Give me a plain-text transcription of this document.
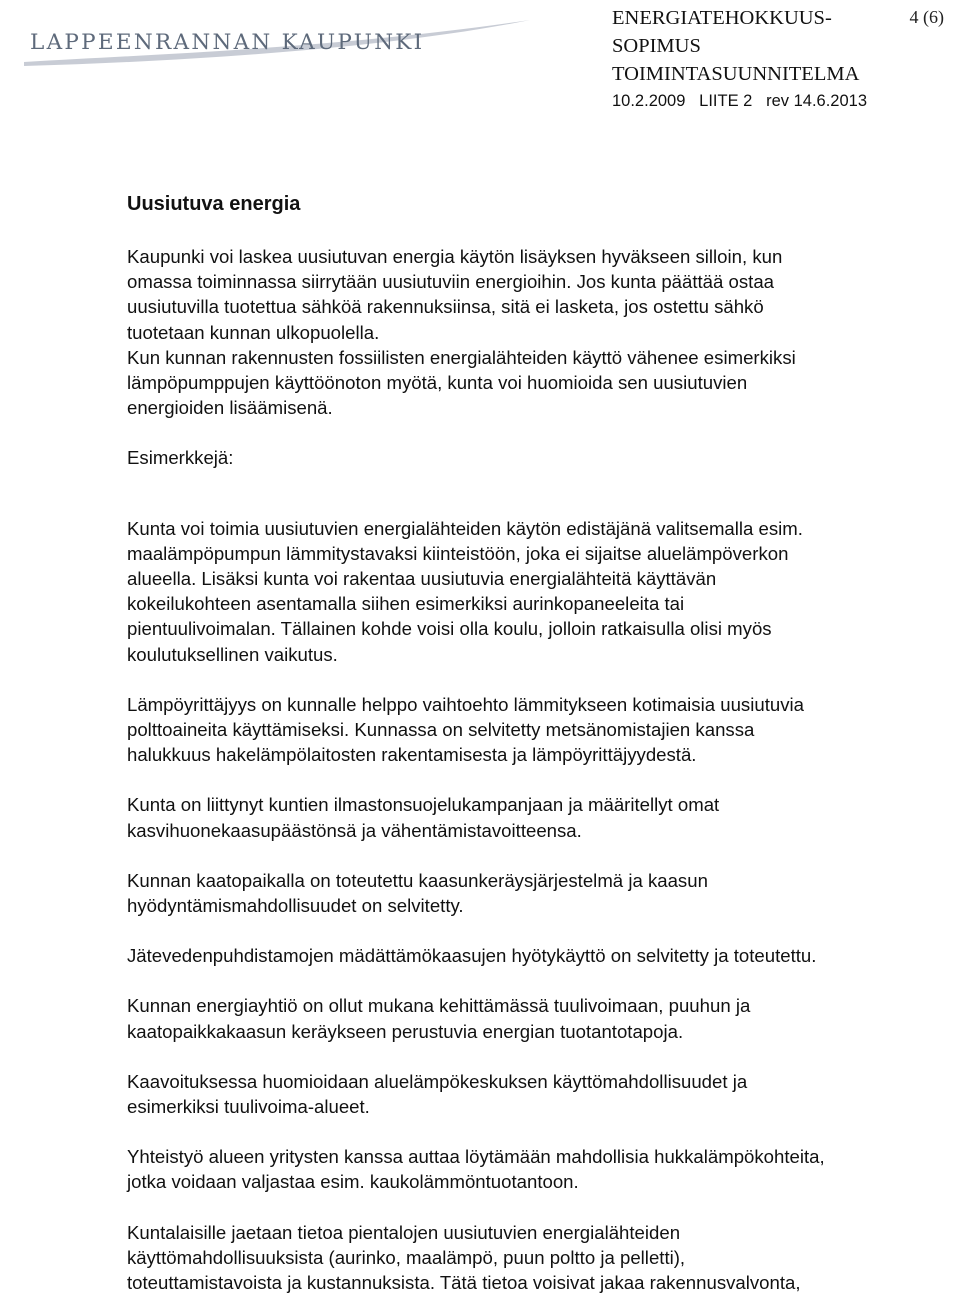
LAPPEENRANNAN KAUPUNKI
ENERGIATEHOKKUUS-
SOPIMUS
TOIMINTASUUNNITELMA
4 (6)
10.2.2009   LIITE 2   rev 14.6.2013
Uusiutuva energia

Kaupunki voi laskea uusiutuvan energia käytön lisäyksen hyväkseen silloin, kun
omassa toiminnassa siirrytään uusiutuviin energioihin. Jos kunta päättää ostaa
uusiutuvilla tuotettua sähköä rakennuksiinsa, sitä ei lasketa, jos ostettu sähkö
tuotetaan kunnan ulkopuolella.

Kun kunnan rakennusten fossiilisten energialähteiden käyttö vähenee esimerkiksi
lämpöpumppujen käyttöönoton myötä, kunta voi huomioida sen uusiutuvien
energioiden lisäämisenä.

Esimerkkejä:

Kunta voi toimia uusiutuvien energialähteiden käytön edistäjänä valitsemalla esim.
maalämpöpumpun lämmitystavaksi kiinteistöön, joka ei sijaitse aluelämpöverkon
alueella. Lisäksi kunta voi rakentaa uusiutuvia energialähteitä käyttävän
kokeilukohteen asentamalla siihen esimerkiksi aurinkopaneeleita tai
pientuulivoimalan. Tällainen kohde voisi olla koulu, jolloin ratkaisulla olisi myös
koulutuksellinen vaikutus.

Lämpöyrittäjyys on kunnalle helppo vaihtoehto lämmitykseen kotimaisia uusiutuvia
polttoaineita käyttämiseksi. Kunnassa on selvitetty metsänomistajien kanssa
halukkuus hakelämpölaitosten rakentamisesta ja lämpöyrittäjyydestä.

Kunta on liittynyt kuntien ilmastonsuojelukampanjaan ja määritellyt omat
kasvihuonekaasupäästönsä ja vähentämistavoitteensa.

Kunnan kaatopaikalla on toteutettu kaasunkeräysjärjestelmä ja kaasun
hyödyntämismahdollisuudet on selvitetty.

Jätevedenpuhdistamojen mädättämökaasujen hyötykäyttö on selvitetty ja toteutettu.

Kunnan energiayhtiö on ollut mukana kehittämässä tuulivoimaan, puuhun ja
kaatopaikkakaasun keräykseen perustuvia energian tuotantotapoja.

Kaavoituksessa huomioidaan aluelämpökeskuksen käyttömahdollisuudet ja
esimerkiksi tuulivoima-alueet.

Yhteistyö alueen yritysten kanssa auttaa löytämään mahdollisia hukkalämpökohteita,
jotka voidaan valjastaa esim. kaukolämmöntuotantoon.

Kuntalaisille jaetaan tietoa pientalojen uusiutuvien energialähteiden
käyttömahdollisuuksista (aurinko, maalämpö, puun poltto ja pelletti),
toteuttamistavoista ja kustannuksista. Tätä tietoa voisivat jakaa rakennusvalvonta,
